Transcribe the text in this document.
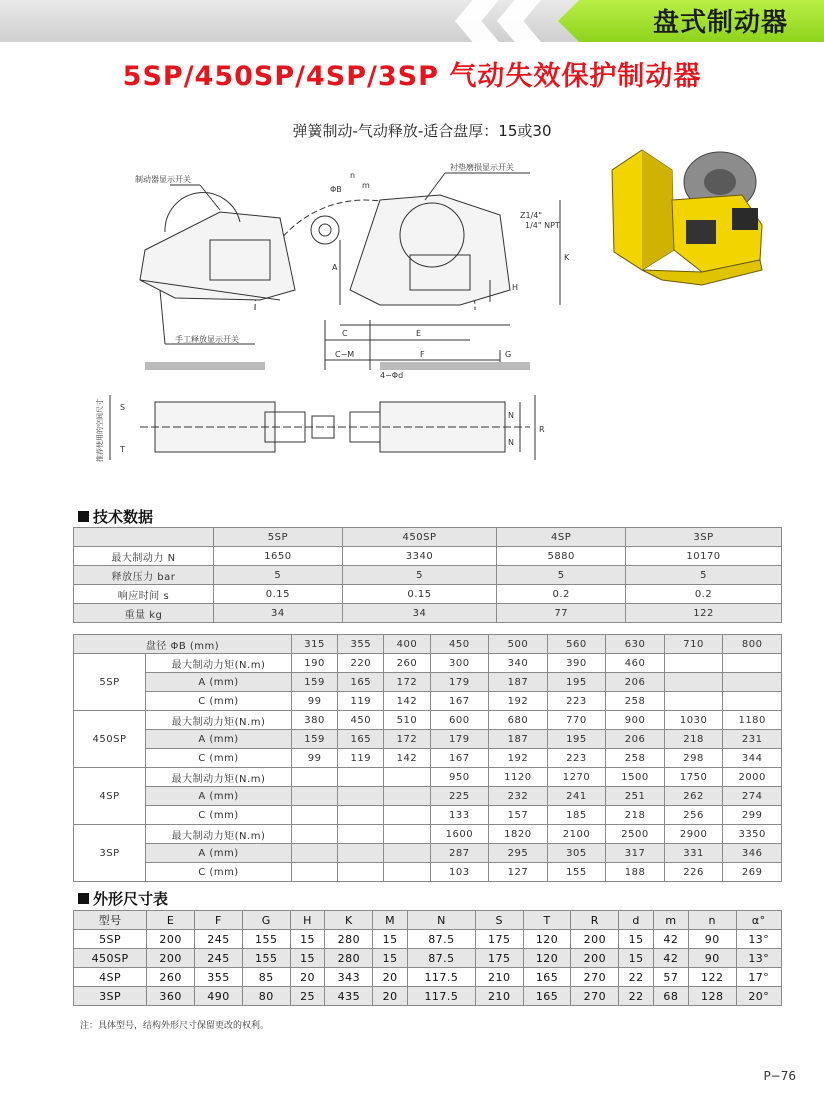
盘式制动器
5SP/450SP/4SP/3SP 气动失效保护制动器
弹簧制动-气动释放-适合盘厚：15或30
制动器显示开关
衬垫磨损显示开关
手工释放显示开关
ΦB
n
m
A
K
H
Z1/4"
1/4" NPT
C	E
C−M	F	G
4−Φd
S
T
N
N
R
推荐使用的空间尺寸
技术数据
	5SP	450SP	4SP	3SP
最大制动力 N	1650	3340	5880	10170
释放压力 bar	5	5	5	5
响应时间 s	0.15	0.15	0.2	0.2
重量 kg	34	34	77	122
盘径 ΦB (mm)		315	355	400	450	500	560	630	710	800
5SP	最大制动力矩(N.m)	190	220	260	300	340	390	460		
	A (mm)	159	165	172	179	187	195	206		
	C (mm)	99	119	142	167	192	223	258		
450SP	最大制动力矩(N.m)	380	450	510	600	680	770	900	1030	1180
	A (mm)	159	165	172	179	187	195	206	218	231
	C (mm)	99	119	142	167	192	223	258	298	344
4SP	最大制动力矩(N.m)				950	1120	1270	1500	1750	2000
	A (mm)				225	232	241	251	262	274
	C (mm)				133	157	185	218	256	299
3SP	最大制动力矩(N.m)				1600	1820	2100	2500	2900	3350
	A (mm)				287	295	305	317	331	346
	C (mm)				103	127	155	188	226	269
外形尺寸表
型号	E	F	G	H	K	M	N	S	T	R	d	m	n	α°
5SP	200	245	155	15	280	15	87.5	175	120	200	15	42	90	13°
450SP	200	245	155	15	280	15	87.5	175	120	200	15	42	90	13°
4SP	260	355	85	20	343	20	117.5	210	165	270	22	57	122	17°
3SP	360	490	80	25	435	20	117.5	210	165	270	22	68	128	20°
注：具体型号，结构外形尺寸保留更改的权利。
P−76
